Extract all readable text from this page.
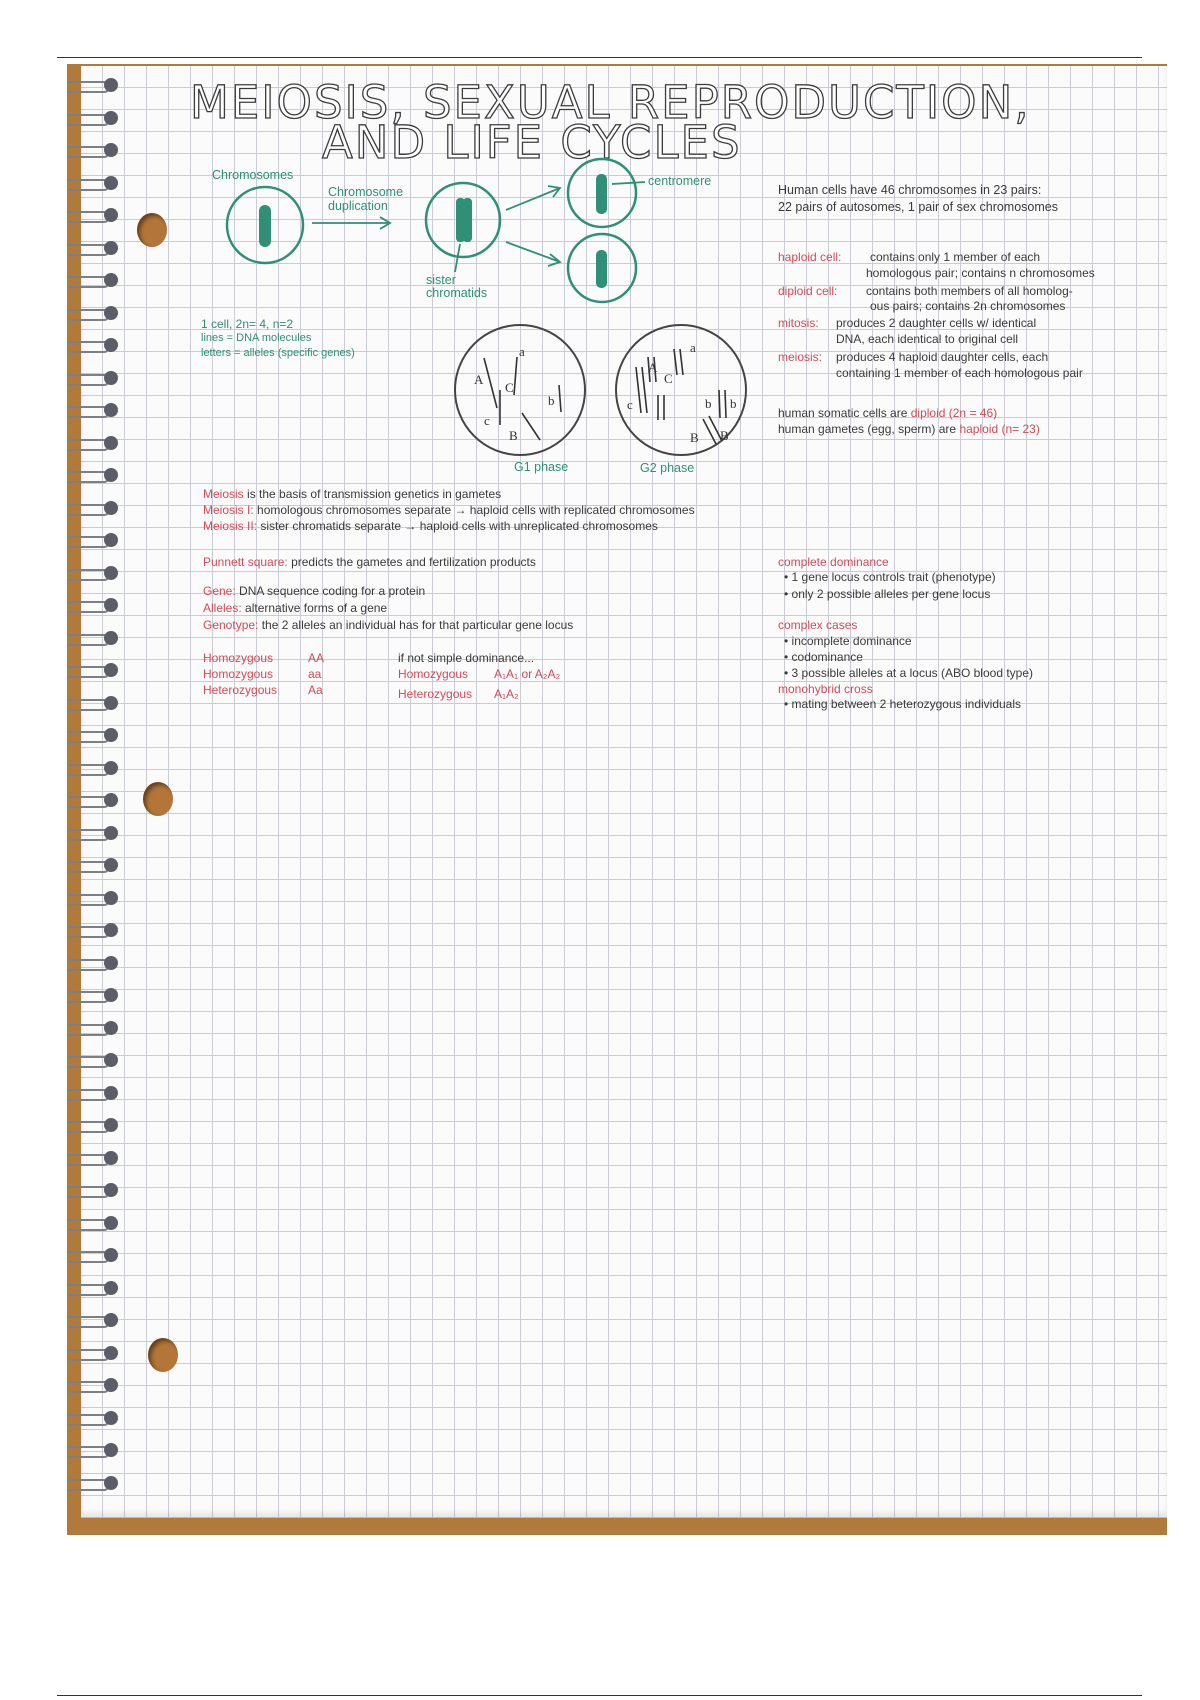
MEIOSIS, SEXUAL REPRODUCTION,
AND LIFE CYCLES
a
A
C
c
B
b
a
A
C
c	b b
B B
Chromosomes
Chromosome
duplication
centromere
sister
chromatids
G1 phase	G2 phase
1 cell, 2n= 4, n=2
lines = DNA molecules
letters = alleles (specific genes)
Human cells have 46 chromosomes in 23 pairs:
22 pairs of autosomes, 1 pair of sex chromosomes
haploid cell: contains only 1 member of each
homologous pair; contains n chromosomes
diploid cell: contains both members of all homolog-
ous pairs; contains 2n chromosomes
mitosis: produces 2 daughter cells w/ identical
DNA, each identical to original cell
meiosis: produces 4 haploid daughter cells, each
containing 1 member of each homologous pair
human somatic cells are diploid (2n = 46)
human gametes (egg, sperm) are haploid (n= 23)
Meiosis is the basis of transmission genetics in gametes
Meiosis I: homologous chromosomes separate → haploid cells with replicated chromosomes
Meiosis II: sister chromatids separate → haploid cells with unreplicated chromosomes
Punnett square: predicts the gametes and fertilization products
Gene: DNA sequence coding for a protein
Alleles: alternative forms of a gene
Genotype: the 2 alleles an individual has for that particular gene locus
Homozygous	AA
Homozygous	aa
Heterozygous	Aa
if not simple dominance...
Homozygous A₁A₁ or A₂A₂
Heterozygous A₁A₂
complete dominance
• 1 gene locus controls trait (phenotype)
• only 2 possible alleles per gene locus
complex cases
• incomplete dominance
• codominance
• 3 possible alleles at a locus (ABO blood type)
monohybrid cross
• mating between 2 heterozygous individuals
